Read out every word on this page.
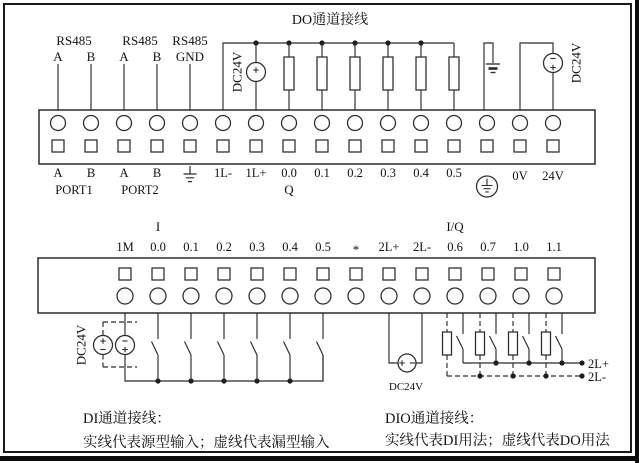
DO通道接线
RS485
A B
RS485
A B
RS485
GND DC24V	DC24V
A B A B	1L- 1L+ 0.0 0.1 0.2 0.3 0.4 0.5	0V 24V
PORT1 PORT2	Q
I	I/Q
1M 0.0 0.1 0.2 0.3 0.4 0.5 * 2L+ 2L- 0.6 0.7 1.0 1.1
DC24V
DC24V
2L+
2L-
DI通道接线：
实线代表源型输入；虚线代表漏型输入
DIO通道接线：
实线代表DI用法；虚线代表DO用法
